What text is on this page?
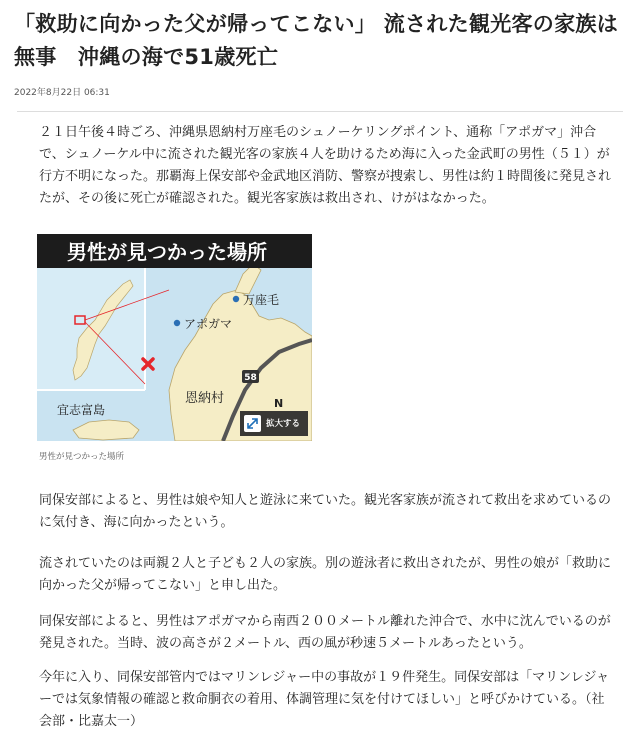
「救助に向かった父が帰ってこない」 流された観光客の家族は無事　沖縄の海で51歳死亡
2022年8月22日 06:31

２１日午後４時ごろ、沖縄県恩納村万座毛のシュノーケリングポイント、通称「アポガマ」沖合で、シュノーケル中に流された観光客の家族４人を助けるため海に入った金武町の男性（５１）が行方不明になった。那覇海上保安部や金武地区消防、警察が捜索し、男性は約１時間後に発見されたが、その後に死亡が確認された。観光客家族は救出され、けがはなかった。

58
万座毛
アポガマ
恩納村
宜志富島	N
男性が見つかった場所
拡大する
男性が見つかった場所

同保安部によると、男性は娘や知人と遊泳に来ていた。観光客家族が流されて救出を求めているのに気付き、海に向かったという。

流されていたのは両親２人と子ども２人の家族。別の遊泳者に救出されたが、男性の娘が「救助に向かった父が帰ってこない」と申し出た。

同保安部によると、男性はアポガマから南西２００メートル離れた沖合で、水中に沈んでいるのが発見された。当時、波の高さが２メートル、西の風が秒速５メートルあったという。

今年に入り、同保安部管内ではマリンレジャー中の事故が１９件発生。同保安部は「マリンレジャーでは気象情報の確認と救命胴衣の着用、体調管理に気を付けてほしい」と呼びかけている。（社会部・比嘉太一）
